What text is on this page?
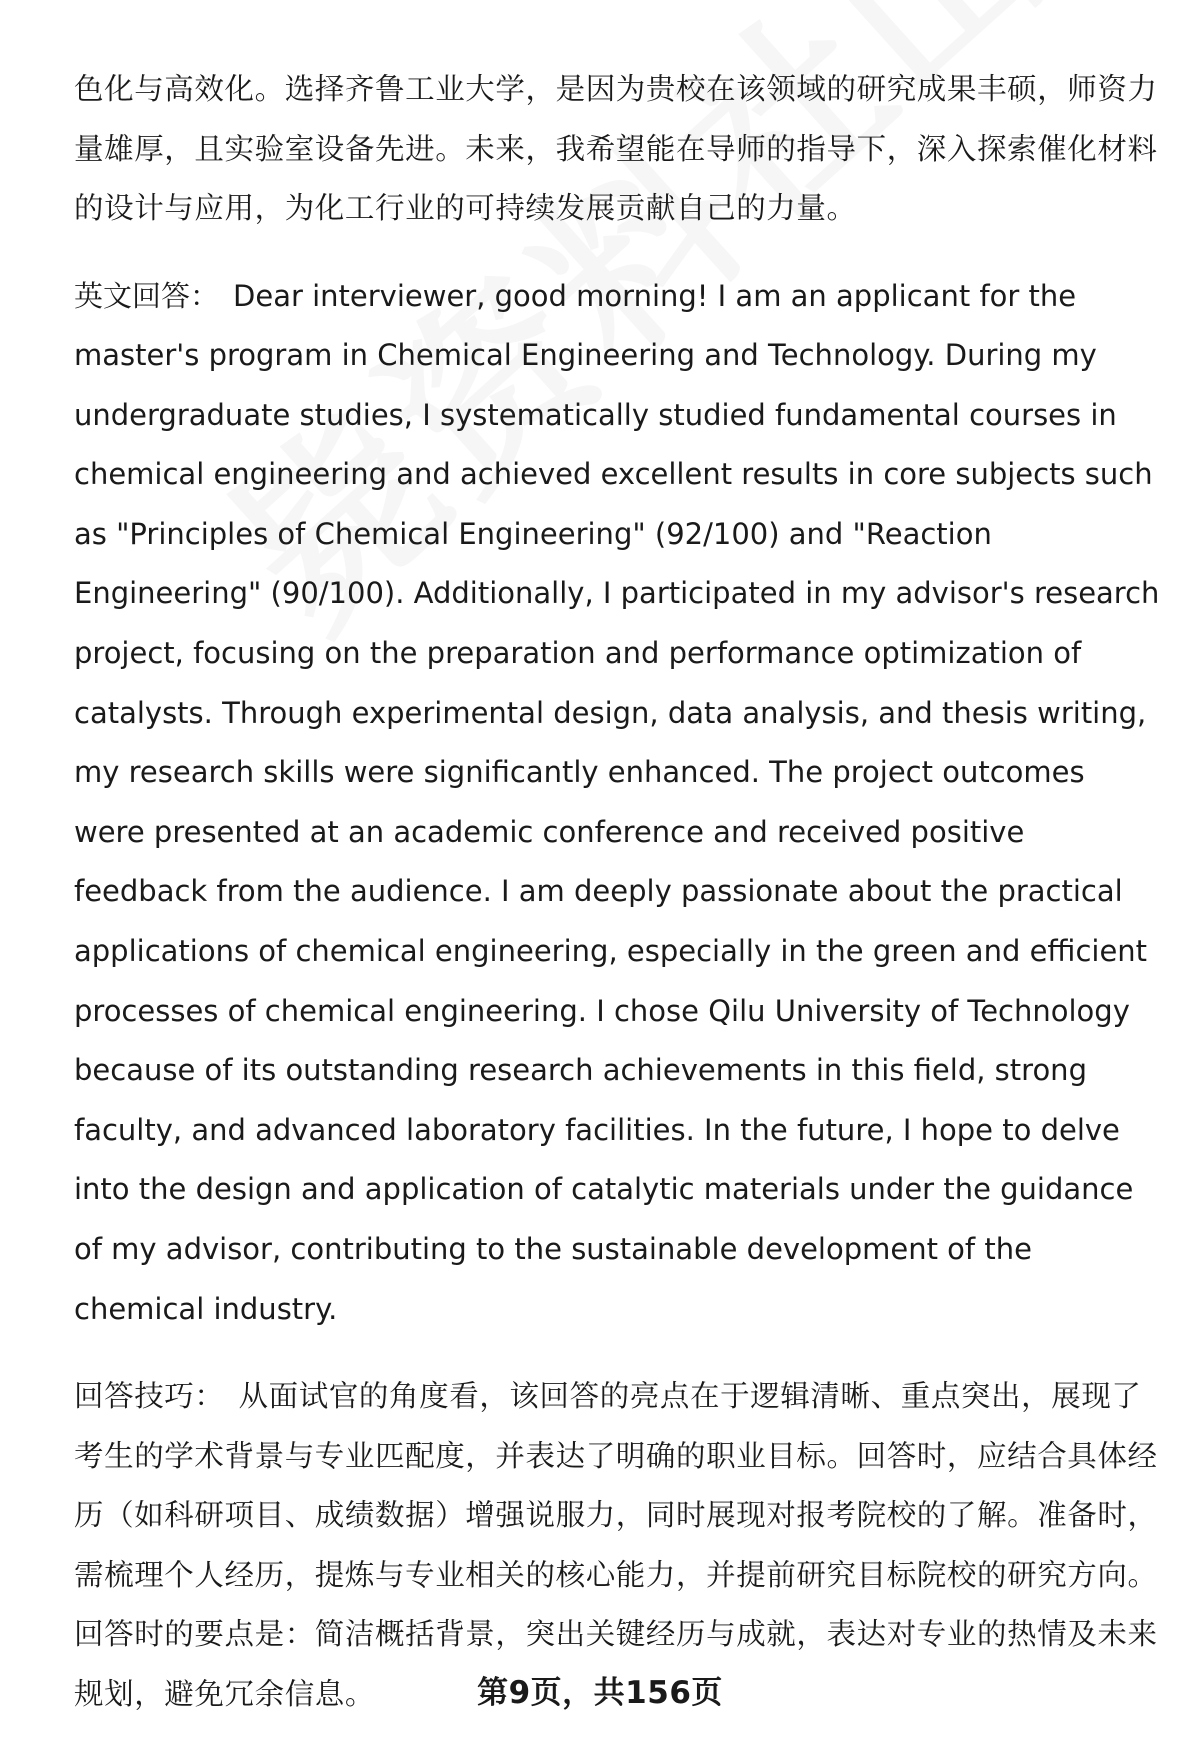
色化与高效化。选择齐鲁工业大学，是因为贵校在该领域的研究成果丰硕，师资力量雄厚，且实验室设备先进。未来，我希望能在导师的指导下，深入探索催化材料的设计与应用，为化工行业的可持续发展贡献自己的力量。

英文回答： Dear interviewer, good morning! I am an applicant for the master's program in Chemical Engineering and Technology. During my undergraduate studies, I systematically studied fundamental courses in chemical engineering and achieved excellent results in core subjects such as "Principles of Chemical Engineering" (92/100) and "Reaction Engineering" (90/100). Additionally, I participated in my advisor's research project, focusing on the preparation and performance optimization of catalysts. Through experimental design, data analysis, and thesis writing, my research skills were significantly enhanced. The project outcomes were presented at an academic conference and received positive feedback from the audience. I am deeply passionate about the practical applications of chemical engineering, especially in the green and efficient processes of chemical engineering. I chose Qilu University of Technology because of its outstanding research achievements in this field, strong faculty, and advanced laboratory facilities. In the future, I hope to delve into the design and application of catalytic materials under the guidance of my advisor, contributing to the sustainable development of the chemical industry.

回答技巧： 从面试官的角度看，该回答的亮点在于逻辑清晰、重点突出，展现了考生的学术背景与专业匹配度，并表达了明确的职业目标。回答时，应结合具体经历（如科研项目、成绩数据）增强说服力，同时展现对报考院校的了解。准备时，需梳理个人经历，提炼与专业相关的核心能力，并提前研究目标院校的研究方向。回答时的要点是：简洁概括背景，突出关键经历与成就，表达对专业的热情及未来规划，避免冗余信息。	第9页，共156页
